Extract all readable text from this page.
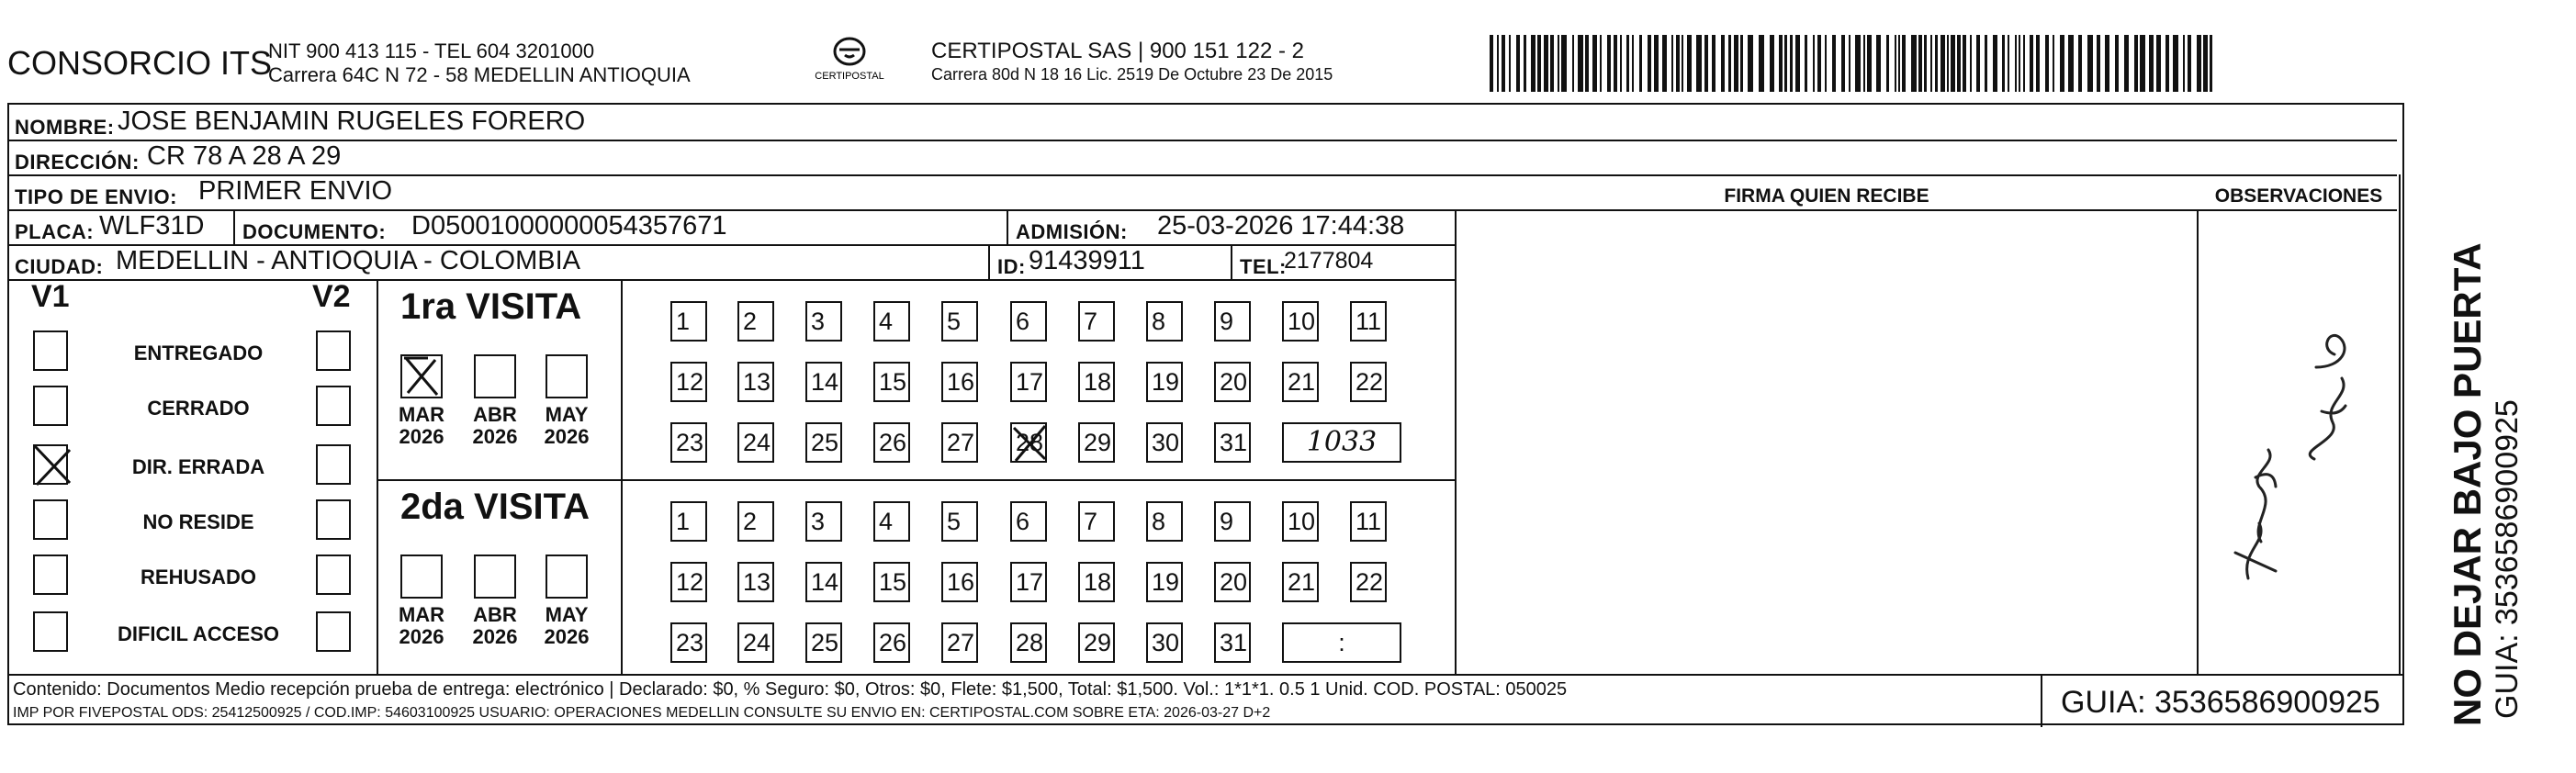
CONSORCIO ITS
NIT 900 413 115 - TEL 604 3201000
Carrera 64C N 72 - 58 MEDELLIN ANTIOQUIA	CERTIPOSTAL
CERTIPOSTAL SAS | 900 151 122 - 2
Carrera 80d N 18 16 Lic. 2519 De Octubre 23 De 2015
NOMBRE: JOSE BENJAMIN RUGELES FORERO
DIRECCIÓN: CR 78 A 28 A 29
TIPO DE ENVIO: PRIMER ENVIO
PLACA: WLF31D DOCUMENTO: D05001000000054357671	ADMISIÓN: 25-03-2026 17:44:38
CIUDAD: MEDELLIN - ANTIOQUIA - COLOMBIA	ID: 91439911	TEL:
2177804
FIRMA QUIEN RECIBE	OBSERVACIONES
V1	V2
ENTREGADO
CERRADO
DIR. ERRADA
NO RESIDE
REHUSADO
DIFICIL ACCESO
1ra VISITA
2da VISITA
MAR
2026
ABR
2026
MAY
2026
1	2	3	4	5	6	7	8	9	10 11
12 13 14 15 16 17 18 19 20 21 22
23 24 25 26 27 28 29 30 31	1033
MAR
2026
ABR
2026
MAY
2026
1	2	3	4	5	6	7	8	9	10 11
12 13 14 15 16 17 18 19 20 21 22
23 24 25 26 27 28 29 30 31	:
Contenido: Documentos Medio recepción prueba de entrega: electrónico | Declarado: $0, % Seguro: $0, Otros: $0, Flete: $1,500, Total: $1,500. Vol.: 1*1*1. 0.5 1 Unid. COD. POSTAL: 050025
IMP POR FIVEPOSTAL ODS: 25412500925 / COD.IMP: 54603100925 USUARIO: OPERACIONES MEDELLIN CONSULTE SU ENVIO EN: CERTIPOSTAL.COM SOBRE ETA: 2026-03-27 D+2	GUIA: 3536586900925 NO DEJAR BAJO PUERTA GUIA: 3536586900925
